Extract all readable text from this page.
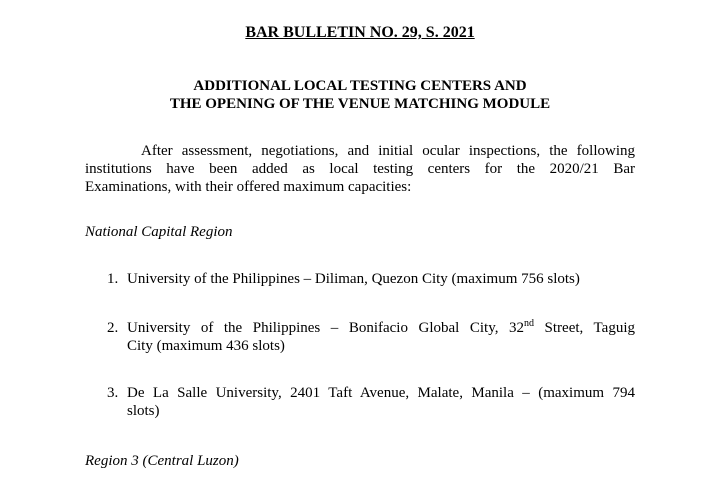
BAR BULLETIN NO. 29, S. 2021
ADDITIONAL LOCAL TESTING CENTERS AND
THE OPENING OF THE VENUE MATCHING MODULE
After assessment, negotiations, and initial ocular inspections, the following
institutions have been added as local testing centers for the 2020/21 Bar
Examinations, with their offered maximum capacities:
National Capital Region
1. University of the Philippines – Diliman, Quezon City (maximum 756 slots)
2. University of the Philippines – Bonifacio Global City, 32nd Street, Taguig
City (maximum 436 slots)
3. De La Salle University, 2401 Taft Avenue, Malate, Manila – (maximum 794
slots)
Region 3 (Central Luzon)
